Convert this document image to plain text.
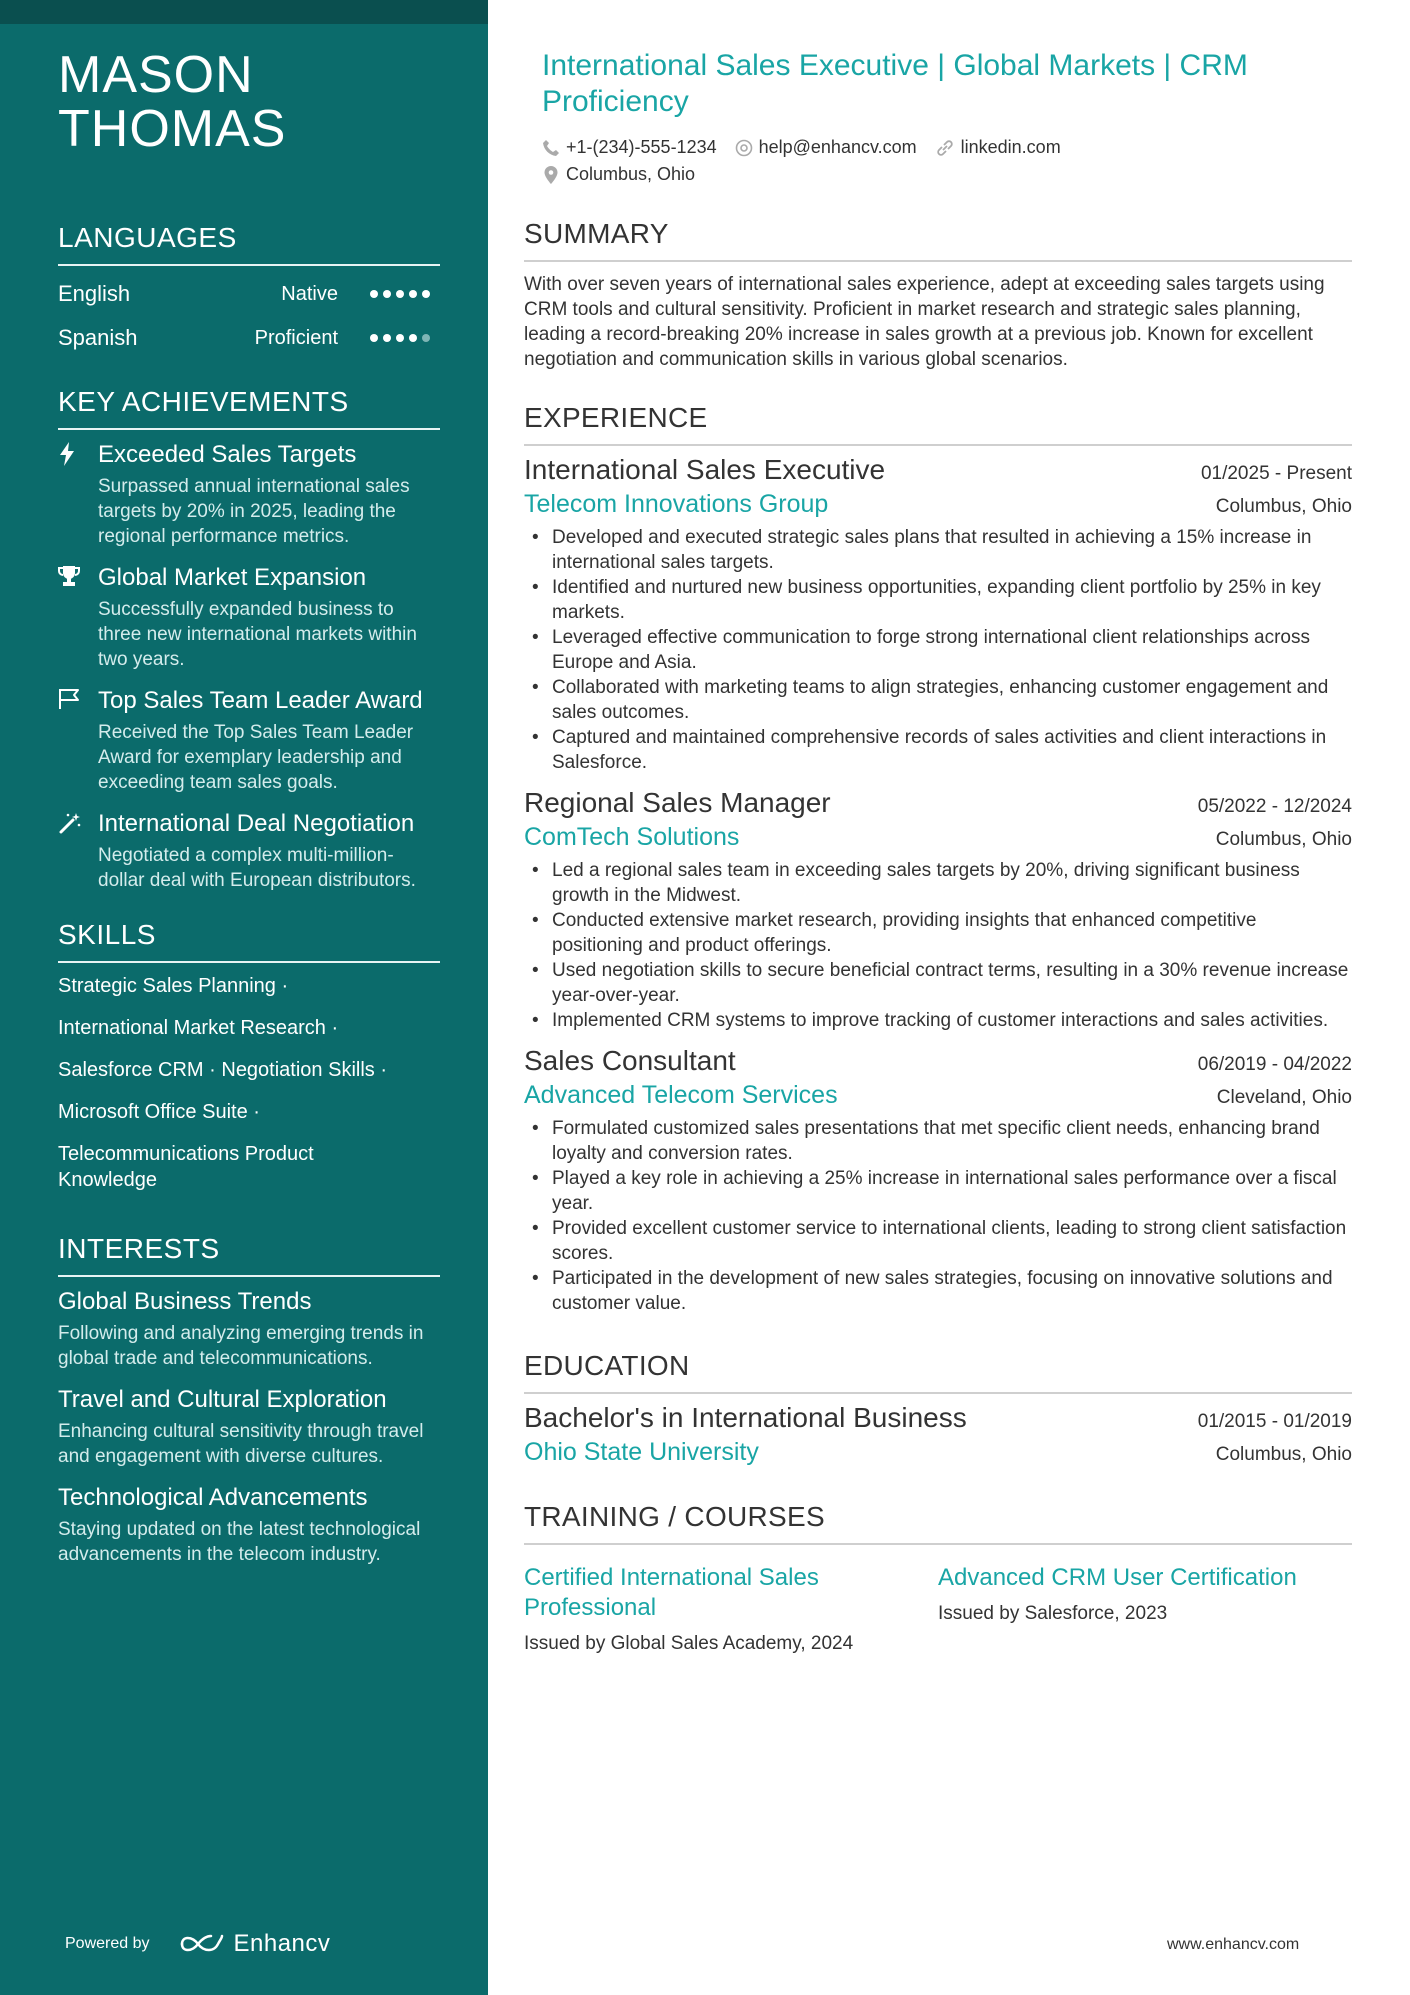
MASON
THOMAS
LANGUAGES
English	Native
Spanish	Proficient
KEY ACHIEVEMENTS
Exceeded Sales Targets
Surpassed annual international sales targets by 20% in 2025, leading the regional performance metrics.
Global Market Expansion
Successfully expanded business to three new international markets within two years.
Top Sales Team Leader Award
Received the Top Sales Team Leader Award for exemplary leadership and exceeding team sales goals.
International Deal Negotiation
Negotiated a complex multi-million-dollar deal with European distributors.
SKILLS
Strategic Sales Planning ·
International Market Research ·
Salesforce CRM · Negotiation Skills ·
Microsoft Office Suite ·
Telecommunications Product Knowledge
INTERESTS
Global Business Trends
Following and analyzing emerging trends in global trade and telecommunications.
Travel and Cultural Exploration
Enhancing cultural sensitivity through travel and engagement with diverse cultures.
Technological Advancements
Staying updated on the latest technological advancements in the telecom industry.
Powered by	Enhancv
International Sales Executive | Global Markets | CRM Proficiency
+1-(234)-555-1234 help@enhancv.com linkedin.com
Columbus, Ohio
SUMMARY
With over seven years of international sales experience, adept at exceeding sales targets using CRM tools and cultural sensitivity. Proficient in market research and strategic sales planning, leading a record-breaking 20% increase in sales growth at a previous job. Known for excellent negotiation and communication skills in various global scenarios.
EXPERIENCE
International Sales Executive	01/2025 - Present
Telecom Innovations Group	Columbus, Ohio
• Developed and executed strategic sales plans that resulted in achieving a 15% increase in international sales targets.
• Identified and nurtured new business opportunities, expanding client portfolio by 25% in key markets.
• Leveraged effective communication to forge strong international client relationships across Europe and Asia.
• Collaborated with marketing teams to align strategies, enhancing customer engagement and sales outcomes.
• Captured and maintained comprehensive records of sales activities and client interactions in Salesforce.
Regional Sales Manager	05/2022 - 12/2024
ComTech Solutions	Columbus, Ohio
• Led a regional sales team in exceeding sales targets by 20%, driving significant business growth in the Midwest.
• Conducted extensive market research, providing insights that enhanced competitive positioning and product offerings.
• Used negotiation skills to secure beneficial contract terms, resulting in a 30% revenue increase year-over-year.
• Implemented CRM systems to improve tracking of customer interactions and sales activities.
Sales Consultant	06/2019 - 04/2022
Advanced Telecom Services	Cleveland, Ohio
• Formulated customized sales presentations that met specific client needs, enhancing brand loyalty and conversion rates.
• Played a key role in achieving a 25% increase in international sales performance over a fiscal year.
• Provided excellent customer service to international clients, leading to strong client satisfaction scores.
• Participated in the development of new sales strategies, focusing on innovative solutions and customer value.
EDUCATION
Bachelor's in International Business	01/2015 - 01/2019
Ohio State University	Columbus, Ohio
TRAINING / COURSES
Certified International Sales Professional
Issued by Global Sales Academy, 2024
Advanced CRM User Certification
Issued by Salesforce, 2023
www.enhancv.com
